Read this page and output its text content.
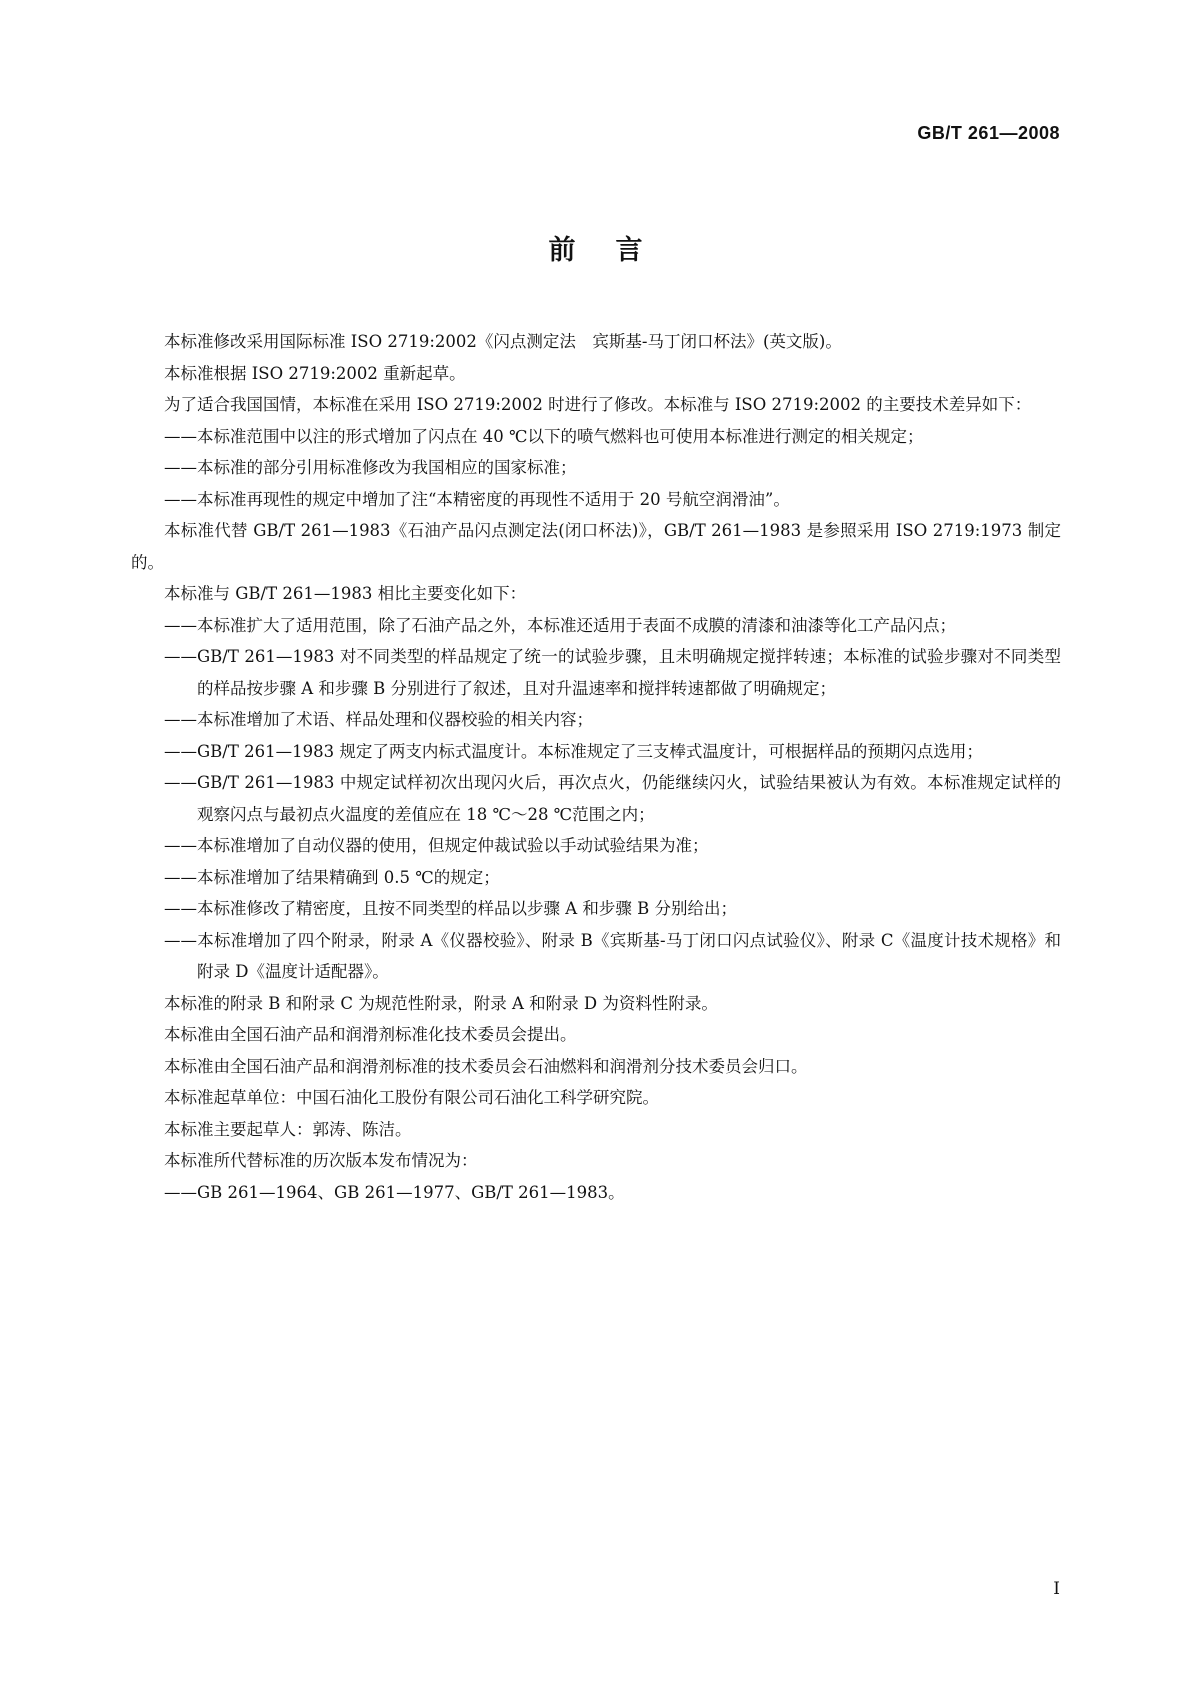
GB/T 261—2008
前言

本标准修改采用国际标准 ISO 2719:2002《闪点测定法　宾斯基-马丁闭口杯法》(英文版)。

本标准根据 ISO 2719:2002 重新起草。

为了适合我国国情，本标准在采用 ISO 2719:2002 时进行了修改。本标准与 ISO 2719:2002 的主要技术差异如下：

——本标准范围中以注的形式增加了闪点在 40 ℃以下的喷气燃料也可使用本标准进行测定的相关规定；

——本标准的部分引用标准修改为我国相应的国家标准；

——本标准再现性的规定中增加了注“本精密度的再现性不适用于 20 号航空润滑油”。

本标准代替 GB/T 261—1983《石油产品闪点测定法(闭口杯法)》，GB/T 261—1983 是参照采用 ISO 2719:1973 制定的。

本标准与 GB/T 261—1983 相比主要变化如下：

——本标准扩大了适用范围，除了石油产品之外，本标准还适用于表面不成膜的清漆和油漆等化工产品闪点；

——GB/T 261—1983 对不同类型的样品规定了统一的试验步骤，且未明确规定搅拌转速；本标准的试验步骤对不同类型的样品按步骤 A 和步骤 B 分别进行了叙述，且对升温速率和搅拌转速都做了明确规定；

——本标准增加了术语、样品处理和仪器校验的相关内容；

——GB/T 261—1983 规定了两支内标式温度计。本标准规定了三支棒式温度计，可根据样品的预期闪点选用；

——GB/T 261—1983 中规定试样初次出现闪火后，再次点火，仍能继续闪火，试验结果被认为有效。本标准规定试样的观察闪点与最初点火温度的差值应在 18 ℃～28 ℃范围之内；

——本标准增加了自动仪器的使用，但规定仲裁试验以手动试验结果为准；

——本标准增加了结果精确到 0.5 ℃的规定；

——本标准修改了精密度，且按不同类型的样品以步骤 A 和步骤 B 分别给出；

——本标准增加了四个附录，附录 A《仪器校验》、附录 B《宾斯基-马丁闭口闪点试验仪》、附录 C《温度计技术规格》和附录 D《温度计适配器》。

本标准的附录 B 和附录 C 为规范性附录，附录 A 和附录 D 为资料性附录。

本标准由全国石油产品和润滑剂标准化技术委员会提出。

本标准由全国石油产品和润滑剂标准的技术委员会石油燃料和润滑剂分技术委员会归口。

本标准起草单位：中国石油化工股份有限公司石油化工科学研究院。

本标准主要起草人：郭涛、陈洁。

本标准所代替标准的历次版本发布情况为：

——GB 261—1964、GB 261—1977、GB/T 261—1983。

I
